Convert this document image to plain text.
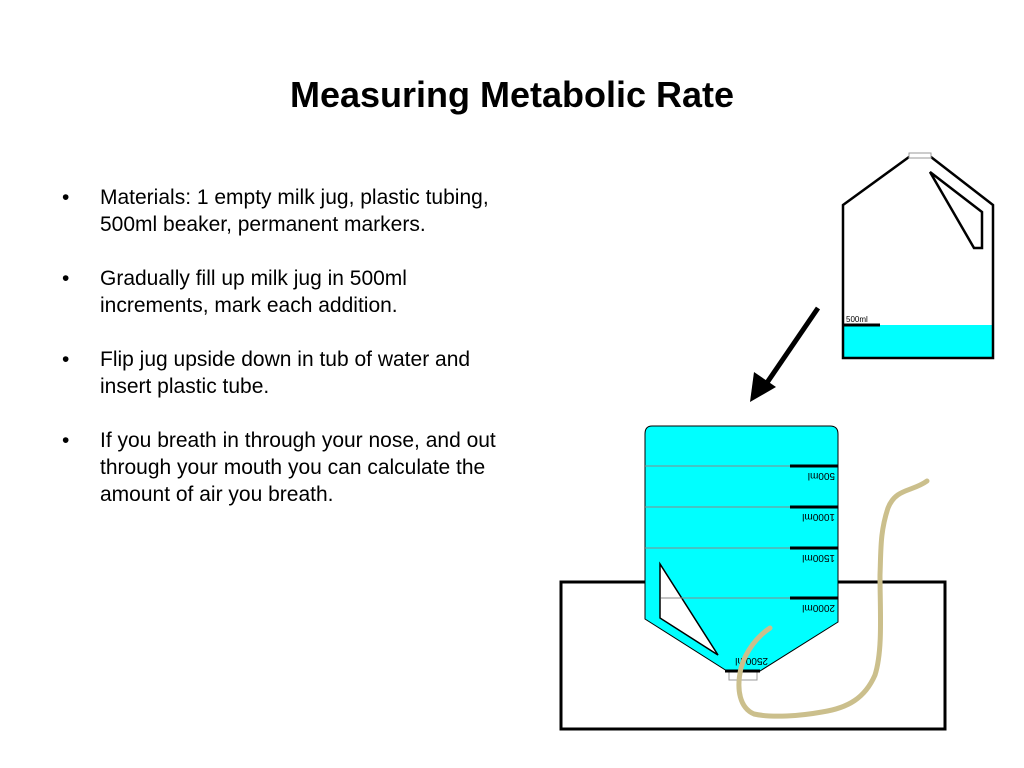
Measuring Metabolic Rate
• Materials: 1 empty milk jug, plastic tubing, 500ml beaker, permanent markers.
• Gradually fill up milk jug in 500ml increments, mark each addition.
• Flip jug upside down in tub of water and insert plastic tube.
• If you breath in through your nose, and out through your mouth you can calculate the amount of air you breath.
500ml
500ml
1000ml
1500ml
2000ml
2500ml
